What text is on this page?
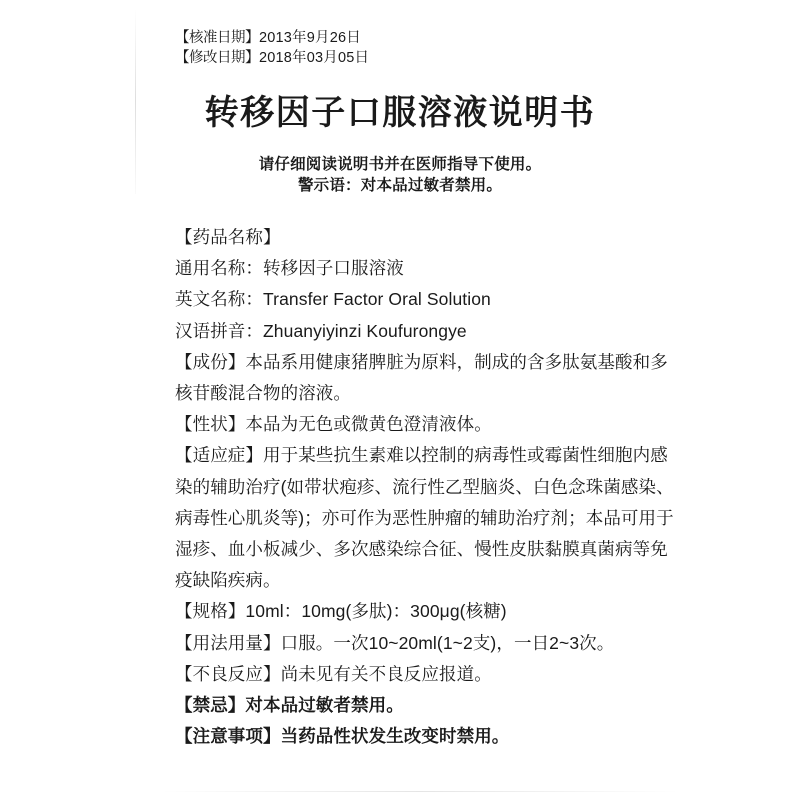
【核准日期】2013年9月26日
【修改日期】2018年03月05日
转移因子口服溶液说明书
请仔细阅读说明书并在医师指导下使用。
警示语：对本品过敏者禁用。

【药品名称】

通用名称：转移因子口服溶液

英文名称：Transfer Factor Oral Solution

汉语拼音：Zhuanyiyinzi Koufurongye

【成份】本品系用健康猪脾脏为原料，制成的含多肽氨基酸和多核苷酸混合物的溶液。

【性状】本品为无色或微黄色澄清液体。

【适应症】用于某些抗生素难以控制的病毒性或霉菌性细胞内感染的辅助治疗(如带状疱疹、流行性乙型脑炎、白色念珠菌感染、病毒性心肌炎等)；亦可作为恶性肿瘤的辅助治疗剂；本品可用于湿疹、血小板减少、多次感染综合征、慢性皮肤黏膜真菌病等免疫缺陷疾病。

【规格】10ml：10mg(多肽)：300μg(核糖)

【用法用量】口服。一次10~20ml(1~2支)，一日2~3次。

【不良反应】尚未见有关不良反应报道。

【禁忌】对本品过敏者禁用。

【注意事项】当药品性状发生改变时禁用。
